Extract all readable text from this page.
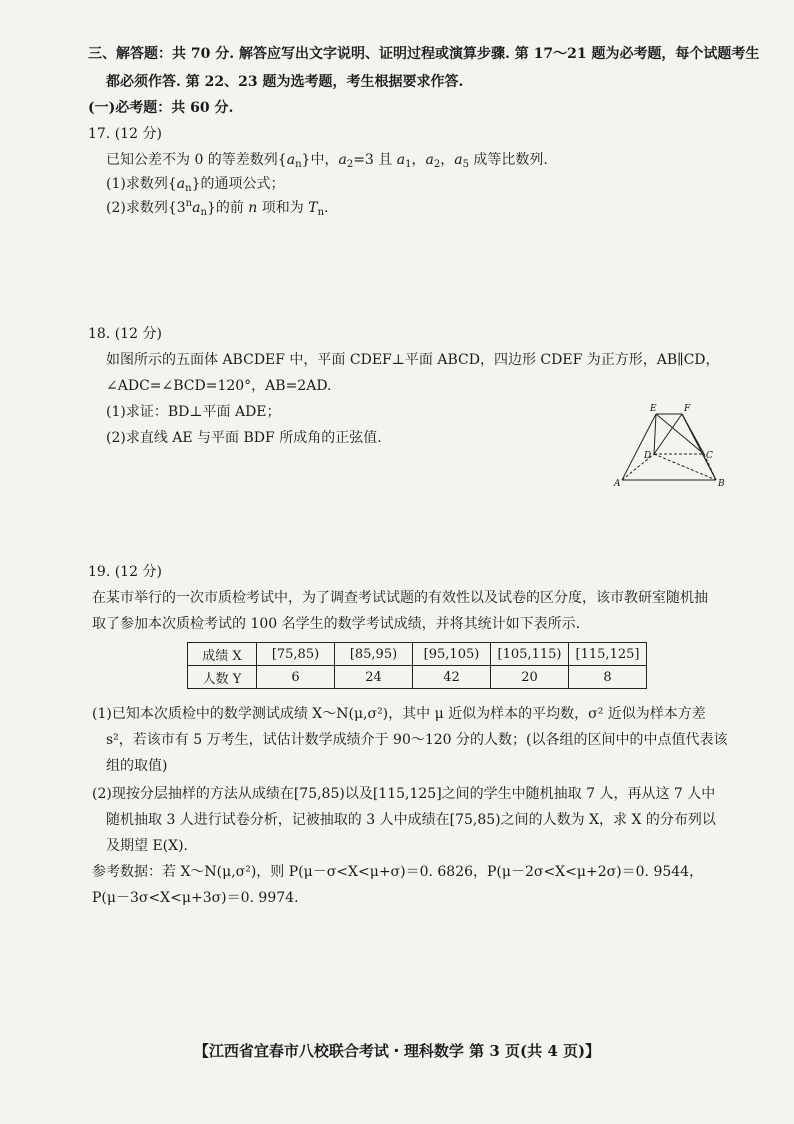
三、解答题：共 70 分. 解答应写出文字说明、证明过程或演算步骤. 第 17～21 题为必考题，每个试题考生
都必须作答. 第 22、23 题为选考题，考生根据要求作答.
(一)必考题：共 60 分.
17. (12 分)
已知公差不为 0 的等差数列$\{a_n\}$中，$a_2=3$ 且 $a_1$，$a_2$，$a_5$ 成等比数列.
(1)求数列$\{a_n\}$的通项公式；
(2)求数列$\{3^na_n\}$的前 n 项和为 $T_n$.
18. (12 分)
如图所示的五面体 ABCDEF 中，平面 CDEF⊥平面 ABCD，四边形 CDEF 为正方形，AB∥CD，
∠ADC=∠BCD=120°，AB=2AD.
(1)求证：BD⊥平面 ADE；
(2)求直线 AE 与平面 BDF 所成角的正弦值.
E	F
D	C
A	B
19. (12 分)
在某市举行的一次市质检考试中，为了调查考试试题的有效性以及试卷的区分度，该市教研室随机抽
取了参加本次质检考试的 100 名学生的数学考试成绩，并将其统计如下表所示.
成绩 X	[75,85)	[85,95)	[95,105)	[105,115)	[115,125]
人数 Y	6	24	42	20	8
(1)已知本次质检中的数学测试成绩 X～N(μ,σ²)，其中 μ 近似为样本的平均数，σ² 近似为样本方差
s²，若该市有 5 万考生，试估计数学成绩介于 90～120 分的人数；(以各组的区间中的中点值代表该
组的取值)
(2)现按分层抽样的方法从成绩在[75,85)以及[115,125]之间的学生中随机抽取 7 人，再从这 7 人中
随机抽取 3 人进行试卷分析，记被抽取的 3 人中成绩在[75,85)之间的人数为 X，求 X 的分布列以
及期望 E(X).
参考数据：若 X～N(μ,σ²)，则 P(μ－σ<X<μ+σ)＝0. 6826，P(μ－2σ<X<μ+2σ)＝0. 9544，
P(μ－3σ<X<μ+3σ)＝0. 9974.
【江西省宜春市八校联合考试・理科数学 第 3 页(共 4 页)】
